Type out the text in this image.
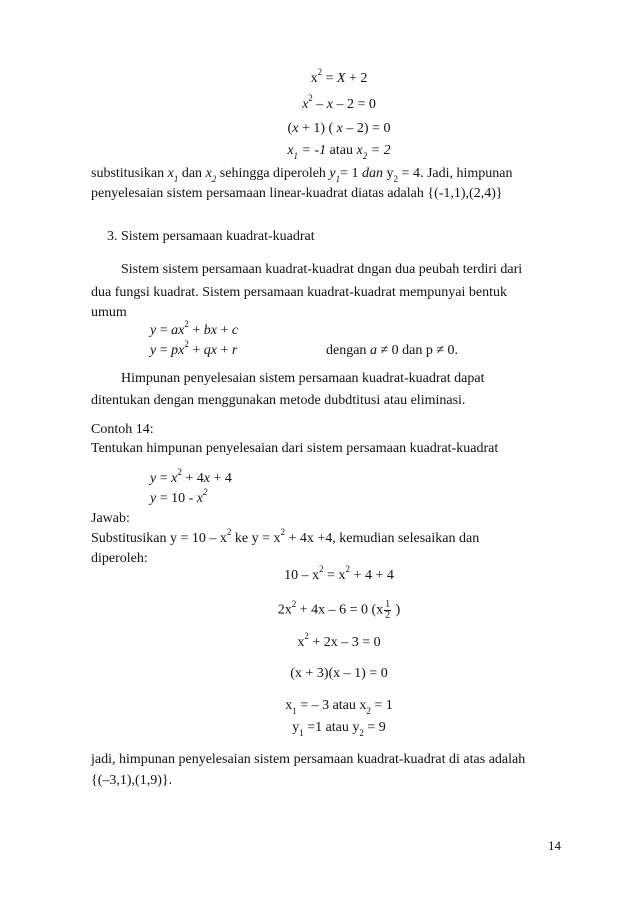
$x^2 = X + 2$
$x^2 - x - 2 = 0$
(x + 1) ( x – 2) = 0
$x_1 = -1$ atau $x_2 = 2$
substitusikan $x_1$ dan $x_2$ sehingga diperoleh $y_1= 1$ dan $y_2 = 4$. Jadi, himpunan
penyelesaian sistem persamaan linear-kuadrat diatas adalah {(-1,1),(2,4)}
3. Sistem persamaan kuadrat-kuadrat
Sistem sistem persamaan kuadrat-kuadrat dngan dua peubah terdiri dari
dua fungsi kuadrat. Sistem persamaan kuadrat-kuadrat mempunyai bentuk
umum
$y = ax^2$ + bx + c
$y = px^2$ + qx + r	dengan a ≠ 0 dan p ≠ 0.
Himpunan penyelesaian sistem persamaan kuadrat-kuadrat dapat
ditentukan dengan menggunakan metode dubdtitusi atau eliminasi.
Contoh 14:
Tentukan himpunan penyelesaian dari sistem persamaan kuadrat-kuadrat
$y = x^2 + 4x + 4$
$y = 10 - x^2$
Jawab:
Substitusikan $y = 10 - x^2$ ke $y = x^2 + 4x +4$, kemudian selesaikan dan
diperoleh:
$10 - x^2 = x^2 + 4 + 4$
$2x^2 + 4x - 6 = 0$ ($x \frac{1}{2}$ )
$x^2 + 2x - 3 = 0$
(x + 3)(x – 1) = 0
$x_1$ = – 3 atau $x_2 = 1$
$y_1 =1$ atau $y_2 = 9$
jadi, himpunan penyelesaian sistem persamaan kuadrat-kuadrat di atas adalah
{(–3,1),(1,9)}.
14
